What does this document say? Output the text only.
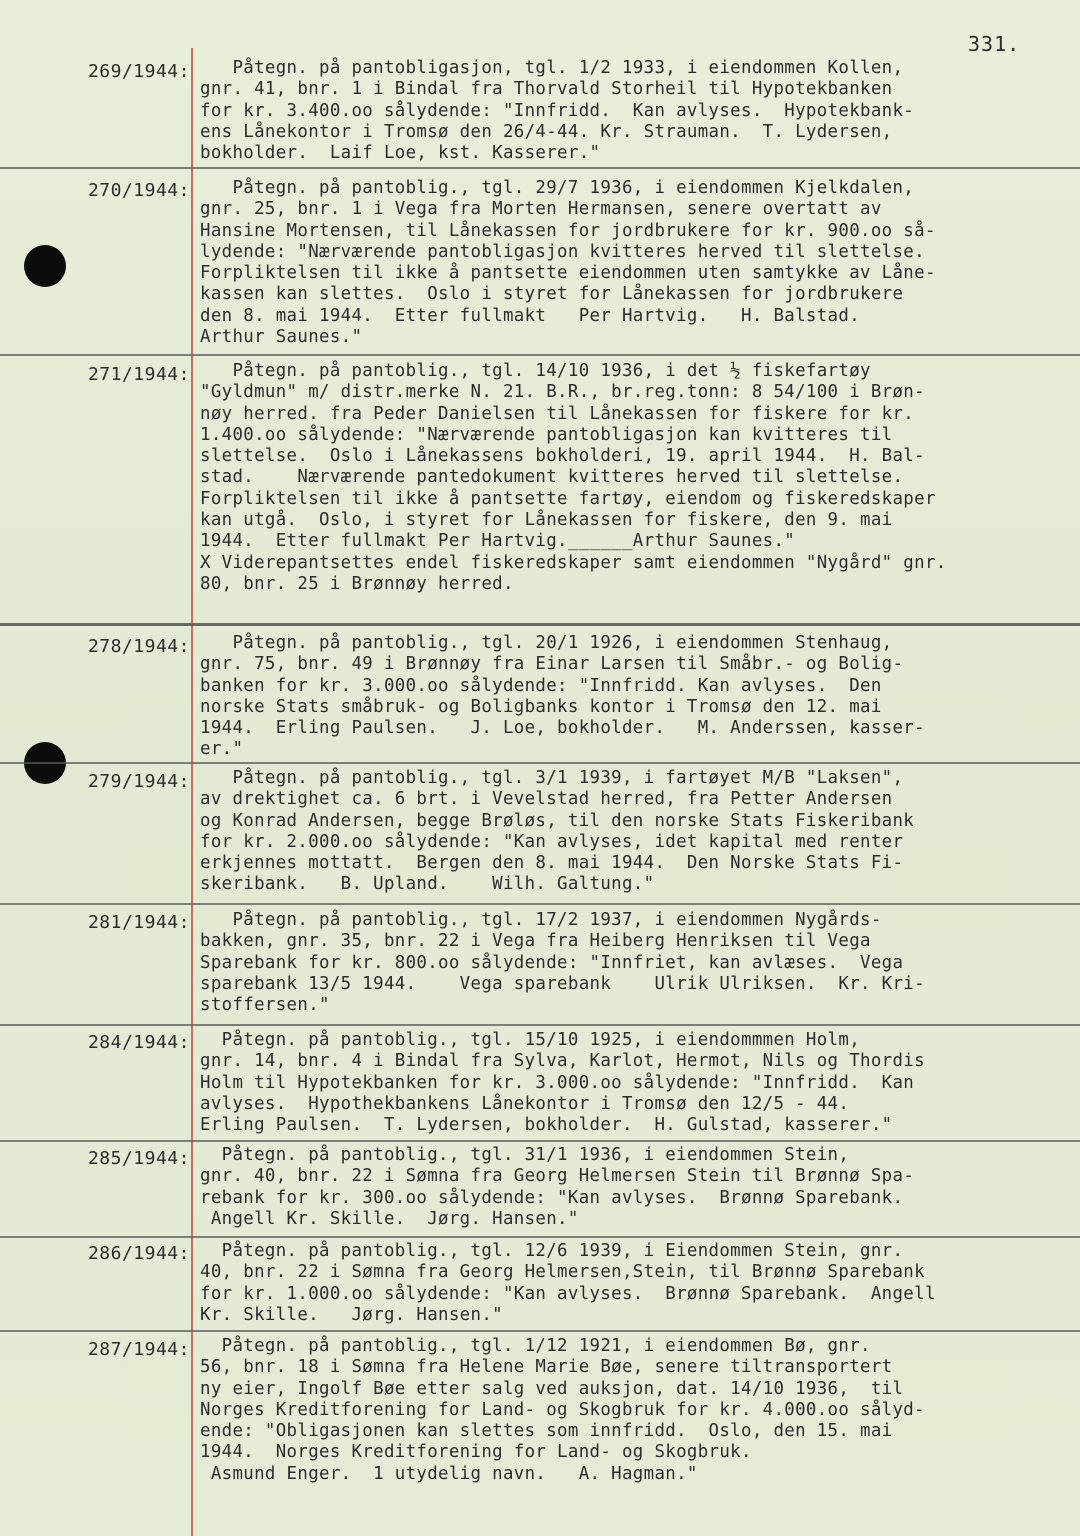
331.
269/1944:	Påtegn. på pantobligasjon, tgl. 1/2 1933, i eiendommen Kollen,
gnr. 41, bnr. 1 i Bindal fra Thorvald Storheil til Hypotekbanken
for kr. 3.400.oo sålydende: "Innfridd.  Kan avlyses.  Hypotekbank-
ens Lånekontor i Tromsø den 26/4-44. Kr. Strauman.  T. Lydersen,
bokholder.  Laif Loe, kst. Kasserer."
270/1944:	Påtegn. på pantoblig., tgl. 29/7 1936, i eiendommen Kjelkdalen,
gnr. 25, bnr. 1 i Vega fra Morten Hermansen, senere overtatt av
Hansine Mortensen, til Lånekassen for jordbrukere for kr. 900.oo så-
lydende: "Nærværende pantobligasjon kvitteres herved til slettelse.
Forpliktelsen til ikke å pantsette eiendommen uten samtykke av Låne-
kassen kan slettes.  Oslo i styret for Lånekassen for jordbrukere
den 8. mai 1944.  Etter fullmakt   Per Hartvig.   H. Balstad.
Arthur Saunes."
271/1944:	Påtegn. på pantoblig., tgl. 14/10 1936, i det ½ fiskefartøy
"Gyldmun" m/ distr.merke N. 21. B.R., br.reg.tonn: 8 54/100 i Brøn-
nøy herred. fra Peder Danielsen til Lånekassen for fiskere for kr.
1.400.oo sålydende: "Nærværende pantobligasjon kan kvitteres til
slettelse.  Oslo i Lånekassens bokholderi, 19. april 1944.  H. Bal-
stad.    Nærværende pantedokument kvitteres herved til slettelse.
Forpliktelsen til ikke å pantsette fartøy, eiendom og fiskeredskaper
kan utgå.  Oslo, i styret for Lånekassen for fiskere, den 9. mai
1944.  Etter fullmakt Per Hartvig.______Arthur Saunes."
X Viderepantsettes endel fiskeredskaper samt eiendommen "Nygård" gnr.
80, bnr. 25 i Brønnøy herred.
278/1944:	Påtegn. på pantoblig., tgl. 20/1 1926, i eiendommen Stenhaug,
gnr. 75, bnr. 49 i Brønnøy fra Einar Larsen til Småbr.- og Bolig-
banken for kr. 3.000.oo sålydende: "Innfridd. Kan avlyses.  Den
norske Stats småbruk- og Boligbanks kontor i Tromsø den 12. mai
1944.  Erling Paulsen.   J. Loe, bokholder.   M. Anderssen, kasser-
er."
279/1944:	Påtegn. på pantoblig., tgl. 3/1 1939, i fartøyet M/B "Laksen",
av drektighet ca. 6 brt. i Vevelstad herred, fra Petter Andersen
og Konrad Andersen, begge Brøløs, til den norske Stats Fiskeribank
for kr. 2.000.oo sålydende: "Kan avlyses, idet kapital med renter
erkjennes mottatt.  Bergen den 8. mai 1944.  Den Norske Stats Fi-
skeribank.   B. Upland.    Wilh. Galtung."
281/1944:	Påtegn. på pantoblig., tgl. 17/2 1937, i eiendommen Nygårds-
bakken, gnr. 35, bnr. 22 i Vega fra Heiberg Henriksen til Vega
Sparebank for kr. 800.oo sålydende: "Innfriet, kan avlæses.  Vega
sparebank 13/5 1944.    Vega sparebank    Ulrik Ulriksen.  Kr. Kri-
stoffersen."
284/1944:	Påtegn. på pantoblig., tgl. 15/10 1925, i eiendommmen Holm,
gnr. 14, bnr. 4 i Bindal fra Sylva, Karlot, Hermot, Nils og Thordis
Holm til Hypotekbanken for kr. 3.000.oo sålydende: "Innfridd.  Kan
avlyses.  Hypothekbankens Lånekontor i Tromsø den 12/5 - 44.
Erling Paulsen.  T. Lydersen, bokholder.  H. Gulstad, kasserer."
285/1944:	Påtegn. på pantoblig., tgl. 31/1 1936, i eiendommen Stein,
gnr. 40, bnr. 22 i Sømna fra Georg Helmersen Stein til Brønnø Spa-
rebank for kr. 300.oo sålydende: "Kan avlyses.  Brønnø Sparebank.
Angell Kr. Skille.  Jørg. Hansen."
286/1944:	Påtegn. på pantoblig., tgl. 12/6 1939, i Eiendommen Stein, gnr.
40, bnr. 22 i Sømna fra Georg Helmersen,Stein, til Brønnø Sparebank
for kr. 1.000.oo sålydende: "Kan avlyses.  Brønnø Sparebank.  Angell
Kr. Skille.   Jørg. Hansen."
287/1944:	Påtegn. på pantoblig., tgl. 1/12 1921, i eiendommen Bø, gnr.
56, bnr. 18 i Sømna fra Helene Marie Bøe, senere tiltransportert
ny eier, Ingolf Bøe etter salg ved auksjon, dat. 14/10 1936,  til
Norges Kreditforening for Land- og Skogbruk for kr. 4.000.oo sålyd-
ende: "Obligasjonen kan slettes som innfridd.  Oslo, den 15. mai
1944.  Norges Kreditforening for Land- og Skogbruk.
Asmund Enger.  1 utydelig navn.   A. Hagman."
